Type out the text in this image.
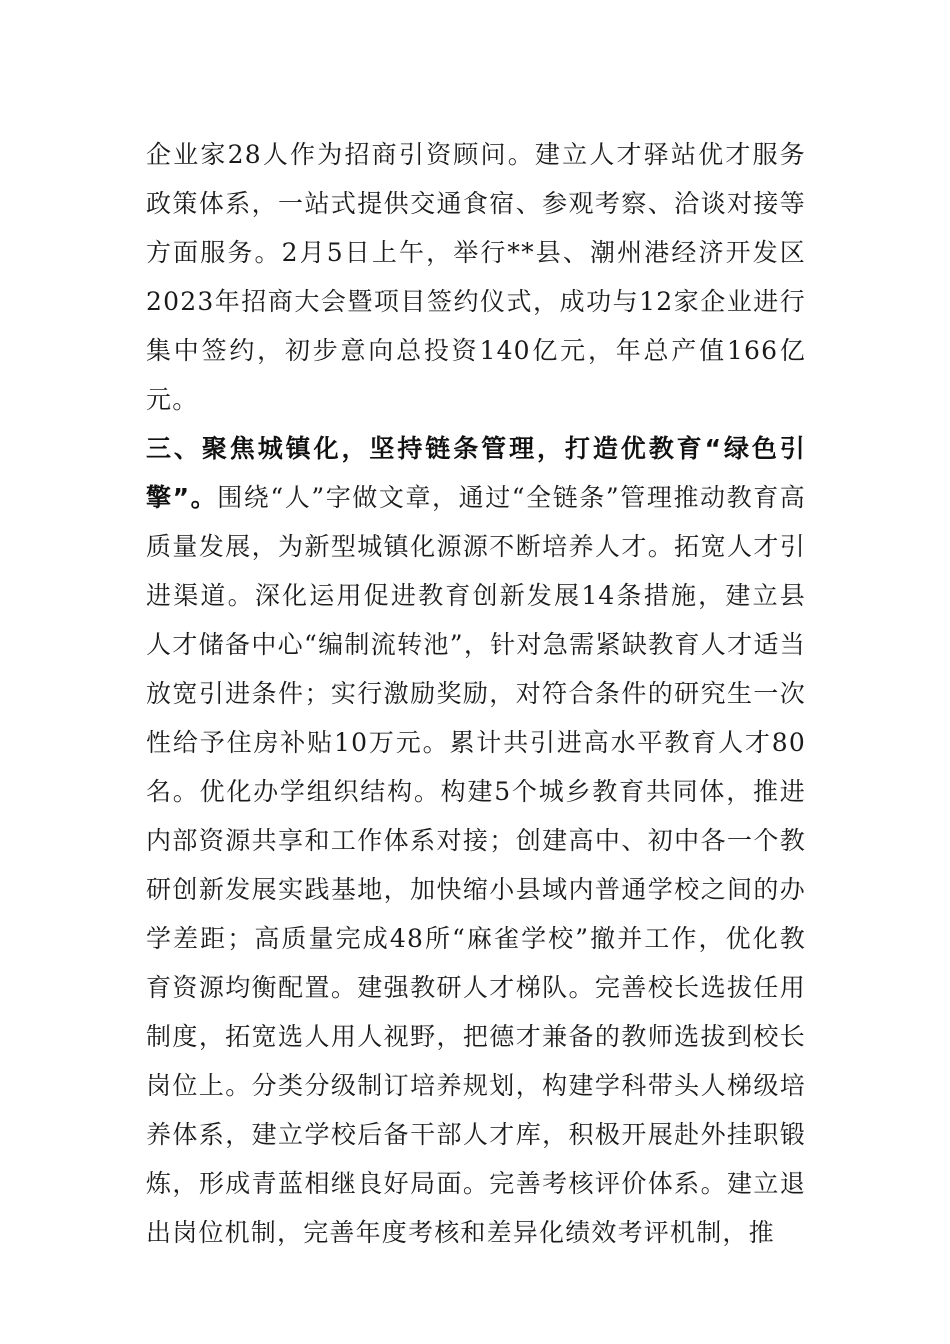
企业家28人作为招商引资顾问。建立人才驿站优才服务政策体系，一站式提供交通食宿、参观考察、洽谈对接等方面服务。2月5日上午，举行**县、潮州港经济开发区2023年招商大会暨项目签约仪式，成功与12家企业进行集中签约，初步意向总投资140亿元，年总产值166亿元。

三、聚焦城镇化，坚持链条管理，打造优教育“绿色引擎”。围绕“人”字做文章，通过“全链条”管理推动教育高质量发展，为新型城镇化源源不断培养人才。拓宽人才引进渠道。深化运用促进教育创新发展14条措施，建立县人才储备中心“编制流转池”，针对急需紧缺教育人才适当放宽引进条件；实行激励奖励，对符合条件的研究生一次性给予住房补贴10万元。累计共引进高水平教育人才80名。优化办学组织结构。构建5个城乡教育共同体，推进内部资源共享和工作体系对接；创建高中、初中各一个教研创新发展实践基地，加快缩小县域内普通学校之间的办学差距；高质量完成48所“麻雀学校”撤并工作，优化教育资源均衡配置。建强教研人才梯队。完善校长选拔任用制度，拓宽选人用人视野，把德才兼备的教师选拔到校长岗位上。分类分级制订培养规划，构建学科带头人梯级培养体系，建立学校后备干部人才库，积极开展赴外挂职锻炼，形成青蓝相继良好局面。完善考核评价体系。建立退出岗位机制，完善年度考核和差异化绩效考评机制，推
